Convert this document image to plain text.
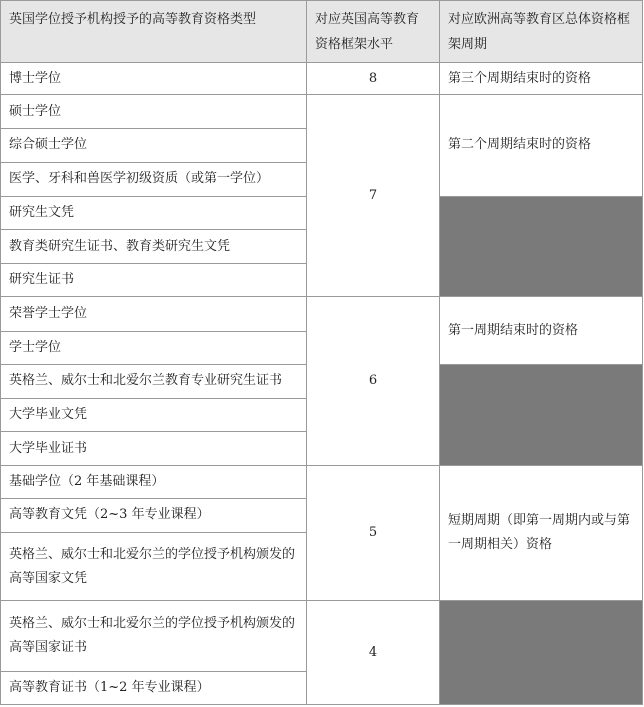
英国学位授予机构授予的高等教育资格类型	对应英国高等教育资格框架水平	对应欧洲高等教育区总体资格框架周期
博士学位	8	第三个周期结束时的资格
硕士学位	7	第二个周期结束时的资格
综合硕士学位		
医学、牙科和兽医学初级资质（或第一学位）		
研究生文凭		
教育类研究生证书、教育类研究生文凭		
研究生证书		
荣誉学士学位	6	第一周期结束时的资格
学士学位		
英格兰、威尔士和北爱尔兰教育专业研究生证书		
大学毕业文凭		
大学毕业证书		
基础学位（2 年基础课程）	5	短期周期（即第一周期内或与第一周期相关）资格
高等教育文凭（2~3 年专业课程）		
英格兰、威尔士和北爱尔兰的学位授予机构颁发的高等国家文凭		
英格兰、威尔士和北爱尔兰的学位授予机构颁发的高等国家证书	4	
高等教育证书（1~2 年专业课程）		
